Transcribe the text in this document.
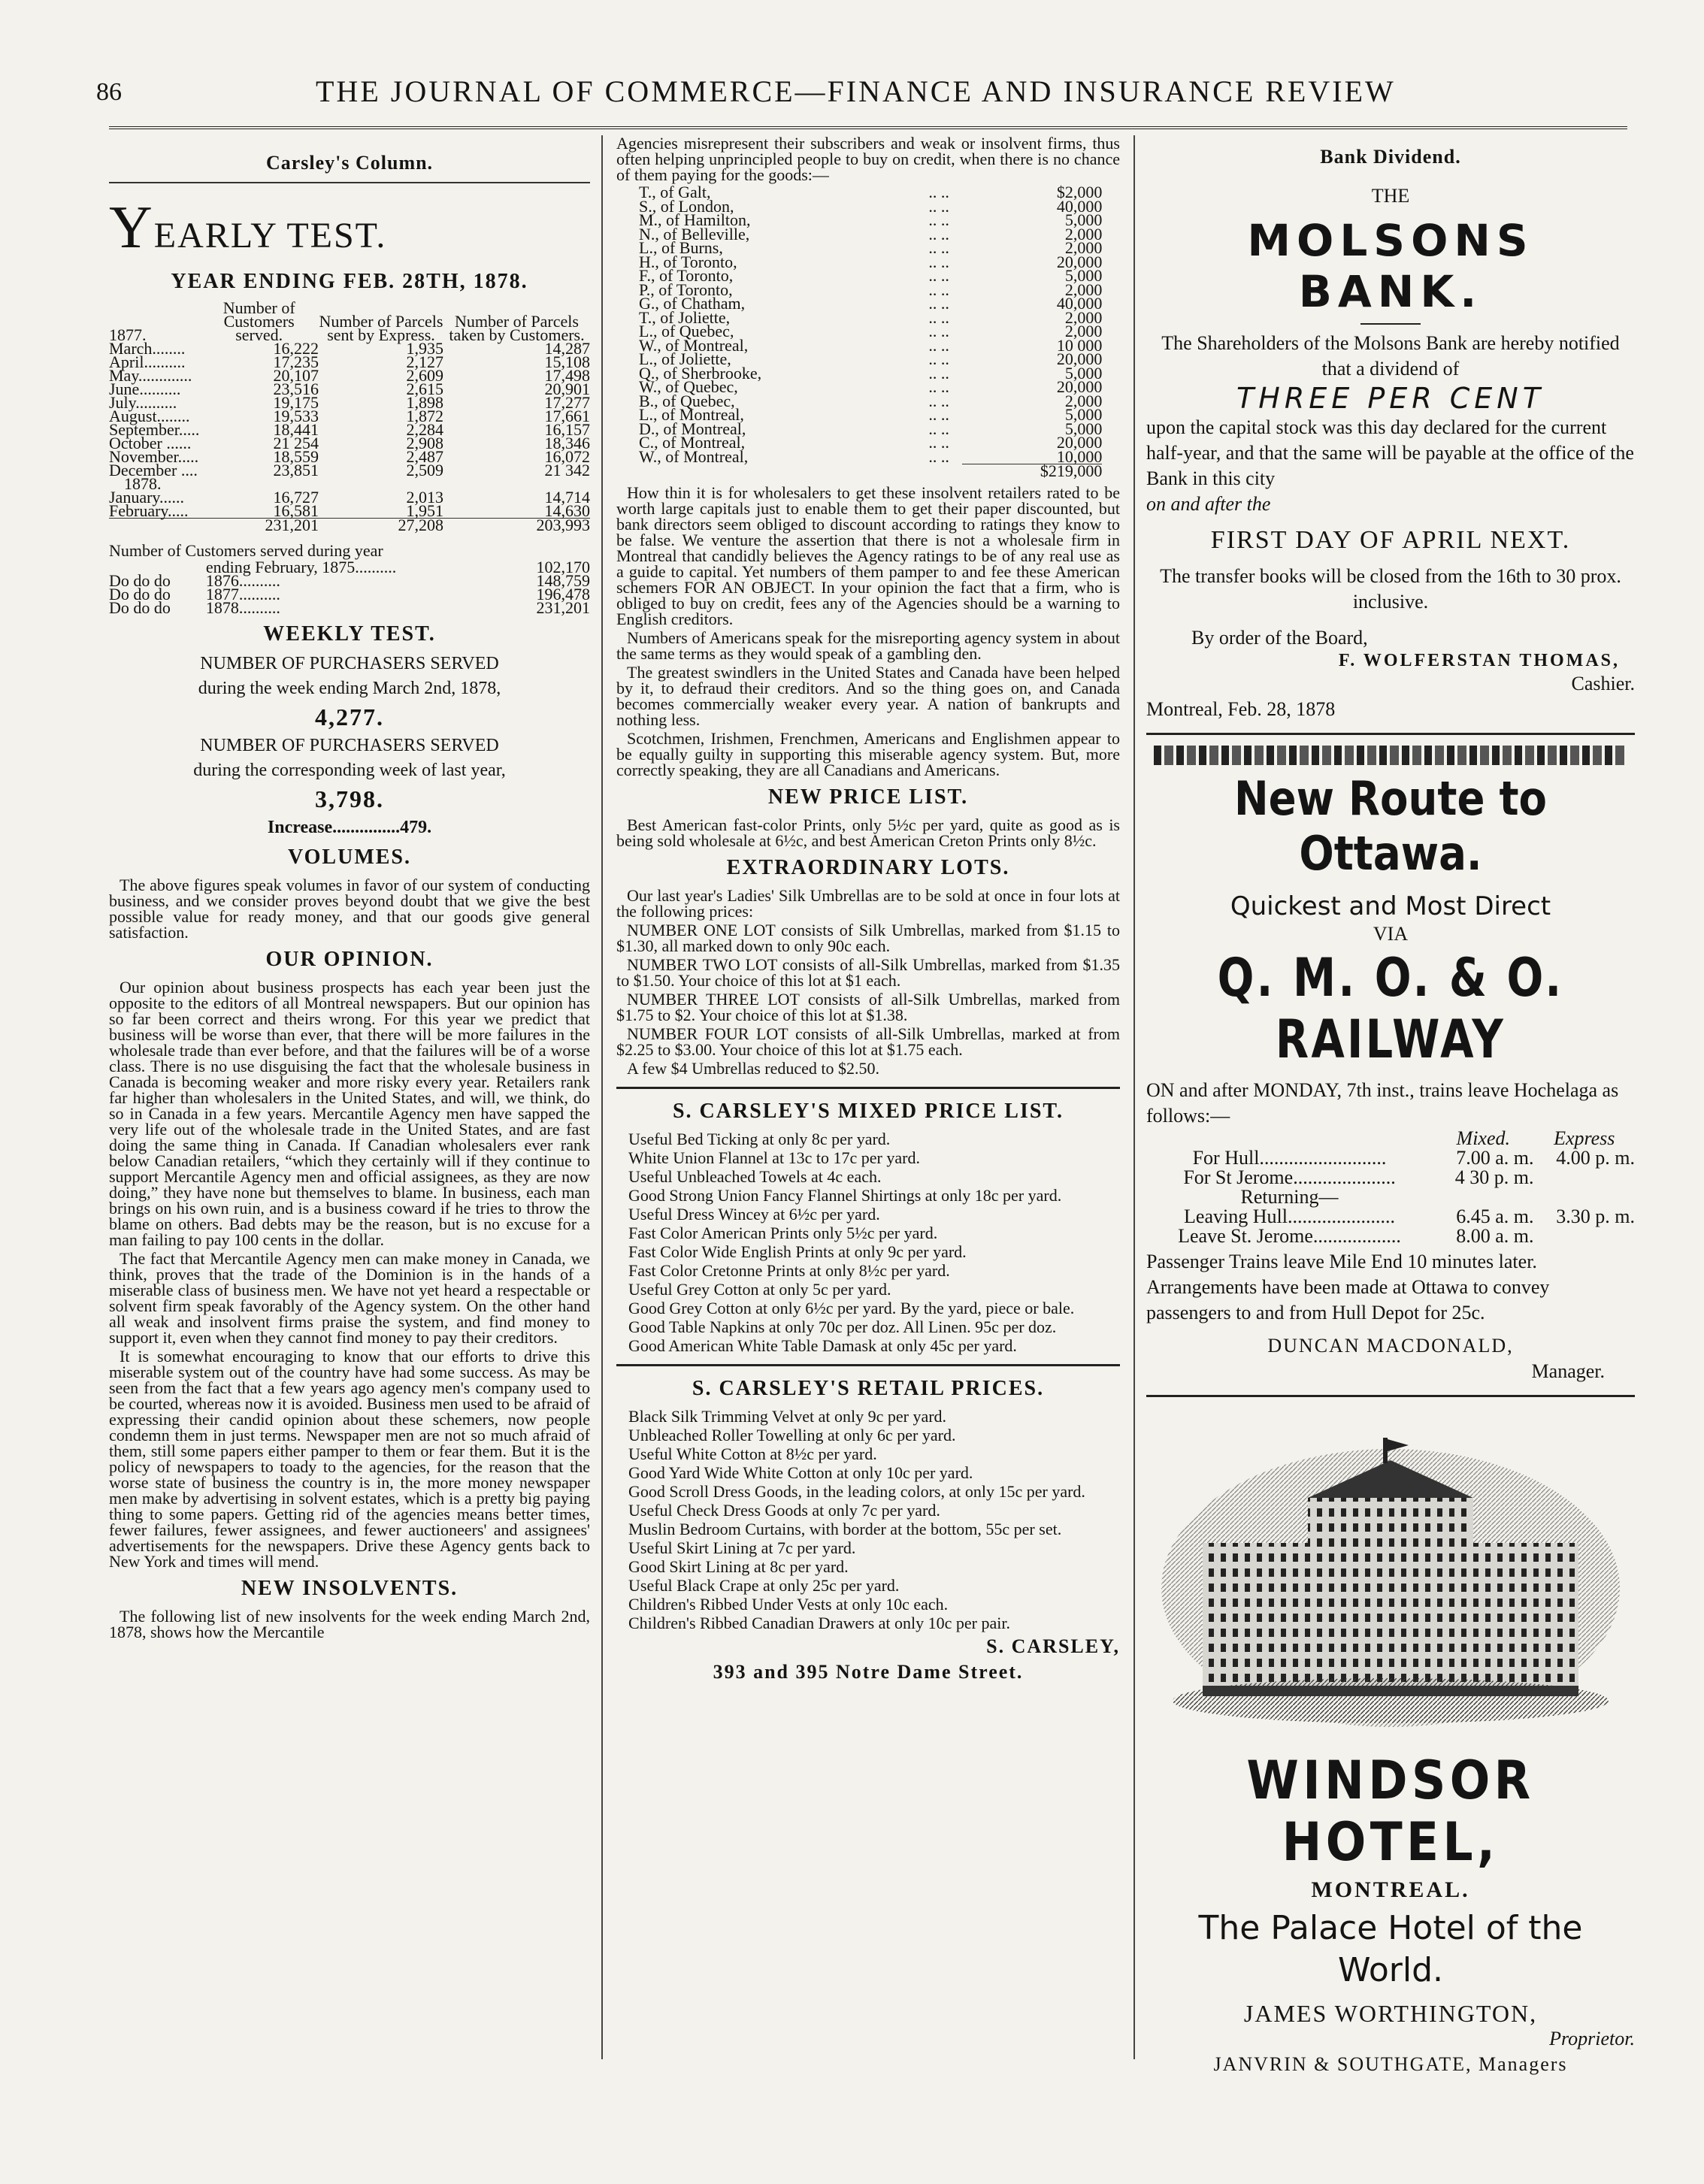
86	THE JOURNAL OF COMMERCE—FINANCE AND INSURANCE REVIEW
Carsley's Column.
YEARLY TEST.
YEAR ENDING FEB. 28TH, 1878.
1877.	Number of Customers served.	Number of Parcels sent by Express.	Number of Parcels taken by Customers.
March........	16,222	1,935	14,287
April..........	17,235	2,127	15,108
May.............	20,107	2,609	17,498
June..........	23,516	2,615	20,901
July..........	19,175	1,898	17,277
August........	19,533	1,872	17,661
September.....	18,441	2,284	16,157
October ......	21 254	2,908	18,346
November.....	18,559	2,487	16,072
December ....	23,851	2,509	21 342
1878.			
January......	16,727	2,013	14,714
February.....	16,581	1,951	14,630
	231,201	27,208	203,993
Number of Customers served during year
	ending February, 1875..........	102,170
Do do do	1876..........	148,759
Do do do	1877..........	196,478
Do do do	1878..........	231,201
WEEKLY TEST.
NUMBER OF PURCHASERS SERVED
during the week ending March 2nd, 1878,
4,277.
NUMBER OF PURCHASERS SERVED
during the corresponding week of last year,
3,798.
Increase...............479.
VOLUMES.

The above figures speak volumes in favor of our system of conducting business, and we consider proves beyond doubt that we give the best possible value for ready money, and that our goods give general satisfaction.

OUR OPINION.

Our opinion about business prospects has each year been just the opposite to the editors of all Montreal newspapers. But our opinion has so far been correct and theirs wrong. For this year we predict that business will be worse than ever, that there will be more failures in the wholesale trade than ever before, and that the failures will be of a worse class. There is no use disguising the fact that the wholesale business in Canada is becoming weaker and more risky every year. Retailers rank far higher than wholesalers in the United States, and will, we think, do so in Canada in a few years. Mercantile Agency men have sapped the very life out of the wholesale trade in the United States, and are fast doing the same thing in Canada. If Canadian wholesalers ever rank below Canadian retailers, “which they certainly will if they continue to support Mercantile Agency men and official assignees, as they are now doing,” they have none but themselves to blame. In business, each man brings on his own ruin, and is a business coward if he tries to throw the blame on others. Bad debts may be the reason, but is no excuse for a man failing to pay 100 cents in the dollar.

The fact that Mercantile Agency men can make money in Canada, we think, proves that the trade of the Dominion is in the hands of a miserable class of business men. We have not yet heard a respectable or solvent firm speak favorably of the Agency system. On the other hand all weak and insolvent firms praise the system, and find money to support it, even when they cannot find money to pay their creditors.

It is somewhat encouraging to know that our efforts to drive this miserable system out of the country have had some success. As may be seen from the fact that a few years ago agency men's company used to be courted, whereas now it is avoided. Business men used to be afraid of expressing their candid opinion about these schemers, now people condemn them in just terms. Newspaper men are not so much afraid of them, still some papers either pamper to them or fear them. But it is the policy of newspapers to toady to the agencies, for the reason that the worse state of business the country is in, the more money newspaper men make by advertising in solvent estates, which is a pretty big paying thing to some papers. Getting rid of the agencies means better times, fewer failures, fewer assignees, and fewer auctioneers' and assignees' advertisements for the newspapers. Drive these Agency gents back to New York and times will mend.

NEW INSOLVENTS.

The following list of new insolvents for the week ending March 2nd, 1878, shows how the Mercantile

Agencies misrepresent their subscribers and weak or insolvent firms, thus often helping unprincipled people to buy on credit, when there is no chance of them paying for the goods:—

T., of Galt,	.. ..	$2,000
S., of London,	.. ..	40,000
M., of Hamilton,	.. ..	5,000
N., of Belleville,	.. ..	2,000
L., of Burns,	.. ..	2,000
H., of Toronto,	.. ..	20,000
F., of Toronto,	.. ..	5,000
P., of Toronto,	.. ..	2,000
G., of Chatham,	.. ..	40,000
T., of Joliette,	.. ..	2,000
L., of Quebec,	.. ..	2,000
W., of Montreal,	.. ..	10 000
L., of Joliette,	.. ..	20,000
Q., of Sherbrooke,	.. ..	5,000
W., of Quebec,	.. ..	20,000
B., of Quebec,	.. ..	2,000
L., of Montreal,	.. ..	5,000
D., of Montreal,	.. ..	5,000
C., of Montreal,	.. ..	20,000
W., of Montreal,	.. ..	10,000
		$219,000

How thin it is for wholesalers to get these insolvent retailers rated to be worth large capitals just to enable them to get their paper discounted, but bank directors seem obliged to discount according to ratings they know to be false. We venture the assertion that there is not a wholesale firm in Montreal that candidly believes the Agency ratings to be of any real use as a guide to capital. Yet numbers of them pamper to and fee these American schemers FOR AN OBJECT. In your opinion the fact that a firm, who is obliged to buy on credit, fees any of the Agencies should be a warning to English creditors.

Numbers of Americans speak for the misreporting agency system in about the same terms as they would speak of a gambling den.

The greatest swindlers in the United States and Canada have been helped by it, to defraud their creditors. And so the thing goes on, and Canada becomes commercially weaker every year. A nation of bankrupts and nothing less.

Scotchmen, Irishmen, Frenchmen, Americans and Englishmen appear to be equally guilty in supporting this miserable agency system. But, more correctly speaking, they are all Canadians and Americans.

NEW PRICE LIST.

Best American fast-color Prints, only 5½c per yard, quite as good as is being sold wholesale at 6½c, and best American Creton Prints only 8½c.

EXTRAORDINARY LOTS.

Our last year's Ladies' Silk Umbrellas are to be sold at once in four lots at the following prices:

NUMBER ONE LOT consists of Silk Umbrellas, marked from $1.15 to $1.30, all marked down to only 90c each.

NUMBER TWO LOT consists of all-Silk Umbrellas, marked from $1.35 to $1.50. Your choice of this lot at $1 each.

NUMBER THREE LOT consists of all-Silk Umbrellas, marked from $1.75 to $2. Your choice of this lot at $1.38.

NUMBER FOUR LOT consists of all-Silk Umbrellas, marked at from $2.25 to $3.00. Your choice of this lot at $1.75 each.

A few $4 Umbrellas reduced to $2.50.

S. CARSLEY'S MIXED PRICE LIST.

Useful Bed Ticking at only 8c per yard.

White Union Flannel at 13c to 17c per yard.

Useful Unbleached Towels at 4c each.

Good Strong Union Fancy Flannel Shirtings at only 18c per yard.

Useful Dress Wincey at 6½c per yard.

Fast Color American Prints only 5½c per yard.

Fast Color Wide English Prints at only 9c per yard.

Fast Color Cretonne Prints at only 8½c per yard.

Useful Grey Cotton at only 5c per yard.

Good Grey Cotton at only 6½c per yard. By the yard, piece or bale.

Good Table Napkins at only 70c per doz. All Linen. 95c per doz.

Good American White Table Damask at only 45c per yard.

S. CARSLEY'S RETAIL PRICES.

Black Silk Trimming Velvet at only 9c per yard.

Unbleached Roller Towelling at only 6c per yard.

Useful White Cotton at 8½c per yard.

Good Yard Wide White Cotton at only 10c per yard.

Good Scroll Dress Goods, in the leading colors, at only 15c per yard.

Useful Check Dress Goods at only 7c per yard.

Muslin Bedroom Curtains, with border at the bottom, 55c per set.

Useful Skirt Lining at 7c per yard.

Good Skirt Lining at 8c per yard.

Useful Black Crape at only 25c per yard.

Children's Ribbed Under Vests at only 10c each.

Children's Ribbed Canadian Drawers at only 10c per pair.

S. CARSLEY,
393 and 395 Notre Dame Street.
Bank Dividend.
THE
MOLSONS BANK.
The Shareholders of the Molsons Bank are hereby notified that a dividend of
THREE PER CENT
upon the capital stock was this day declared for the current half-year, and that the same will be payable at the office of the Bank in this city
on and after the
FIRST DAY OF APRIL NEXT.
The transfer books will be closed from the 16th to 30 prox. inclusive.
By order of the Board,
F. WOLFERSTAN THOMAS,
Cashier.
Montreal, Feb. 28, 1878
New Route to Ottawa.
Quickest and Most Direct
VIA
Q. M. O. & O. RAILWAY
ON and after MONDAY, 7th inst., trains leave Hochelaga as follows:—
	Mixed.	Express
For Hull..........................	7.00 a. m.	4.00 p. m.
For St Jerome.....................	4 30 p. m.	
Returning—		
Leaving Hull......................	6.45 a. m.	3.30 p. m.
Leave St. Jerome..................	8.00 a. m.	
Passenger Trains leave Mile End 10 minutes later.
Arrangements have been made at Ottawa to convey passengers to and from Hull Depot for 25c.
DUNCAN MACDONALD,
Manager.
WINDSOR HOTEL,
MONTREAL.
The Palace Hotel of the World.
JAMES WORTHINGTON,
Proprietor.
JANVRIN & SOUTHGATE, Managers
